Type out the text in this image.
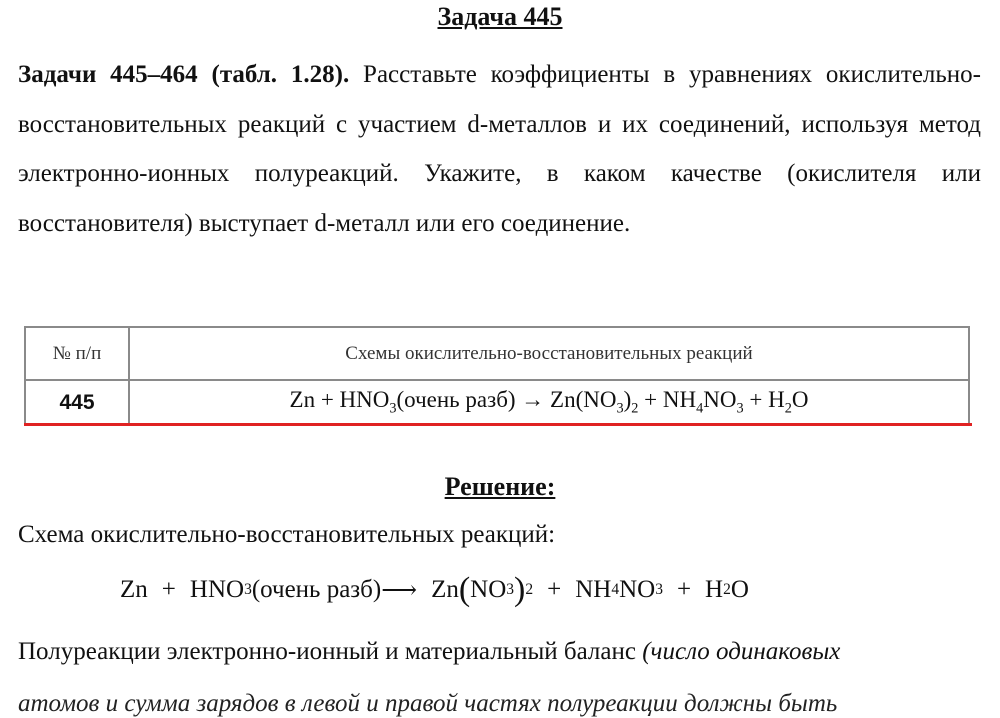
Задача 445
Задачи 445–464 (табл. 1.28). Расставьте коэффициенты в уравнениях окислительно-восстановительных реакций с участием d-металлов и их соединений, используя метод электронно-ионных полуреакций. Укажите, в каком качестве (окислителя или восстановителя) выступает d-металл или его соединение.
№ п/п	Схемы окислительно-восстановительных реакций
445	$Zn + HNO_3(очень$ разб) → $Zn(NO_3)_2 + NH_4NO_3 + H_2O$
Решение:
Схема окислительно-восстановительных реакций:
Zn + HNO 3 (очень разб) ⟶ Zn ( NO 3 ) 2 + NH 4 NO 3 + H 2 O
Полуреакции электронно-ионный и материальный баланс (число одинаковых
атомов и сумма зарядов в левой и правой частях полуреакции должны быть
